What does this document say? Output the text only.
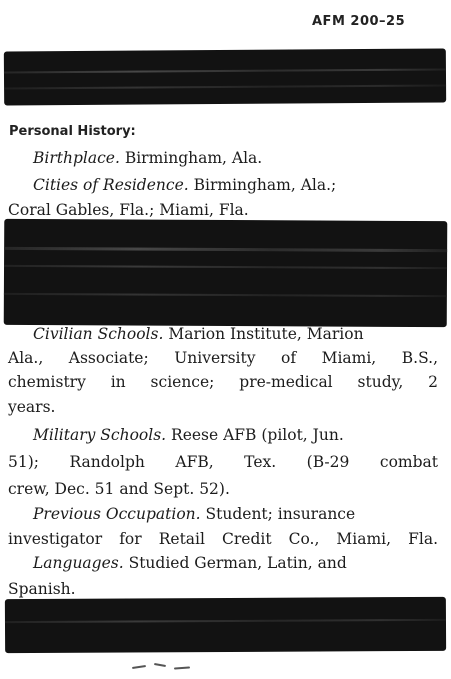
AFM 200–25
Personal History:
Birthplace. Birmingham, Ala.
Cities of Residence. Birmingham, Ala.;
Coral Gables, Fla.; Miami, Fla.
Civilian Schools. Marion Institute, Marion
Ala., Associate; University of Miami, B.S.,
chemistry in science; pre-medical study, 2
years.
Military Schools. Reese AFB (pilot, Jun.
51); Randolph AFB, Tex. (B-29 combat
crew, Dec. 51 and Sept. 52).
Previous Occupation. Student; insurance
investigator for Retail Credit Co., Miami, Fla.
Languages. Studied German, Latin, and
Spanish.
